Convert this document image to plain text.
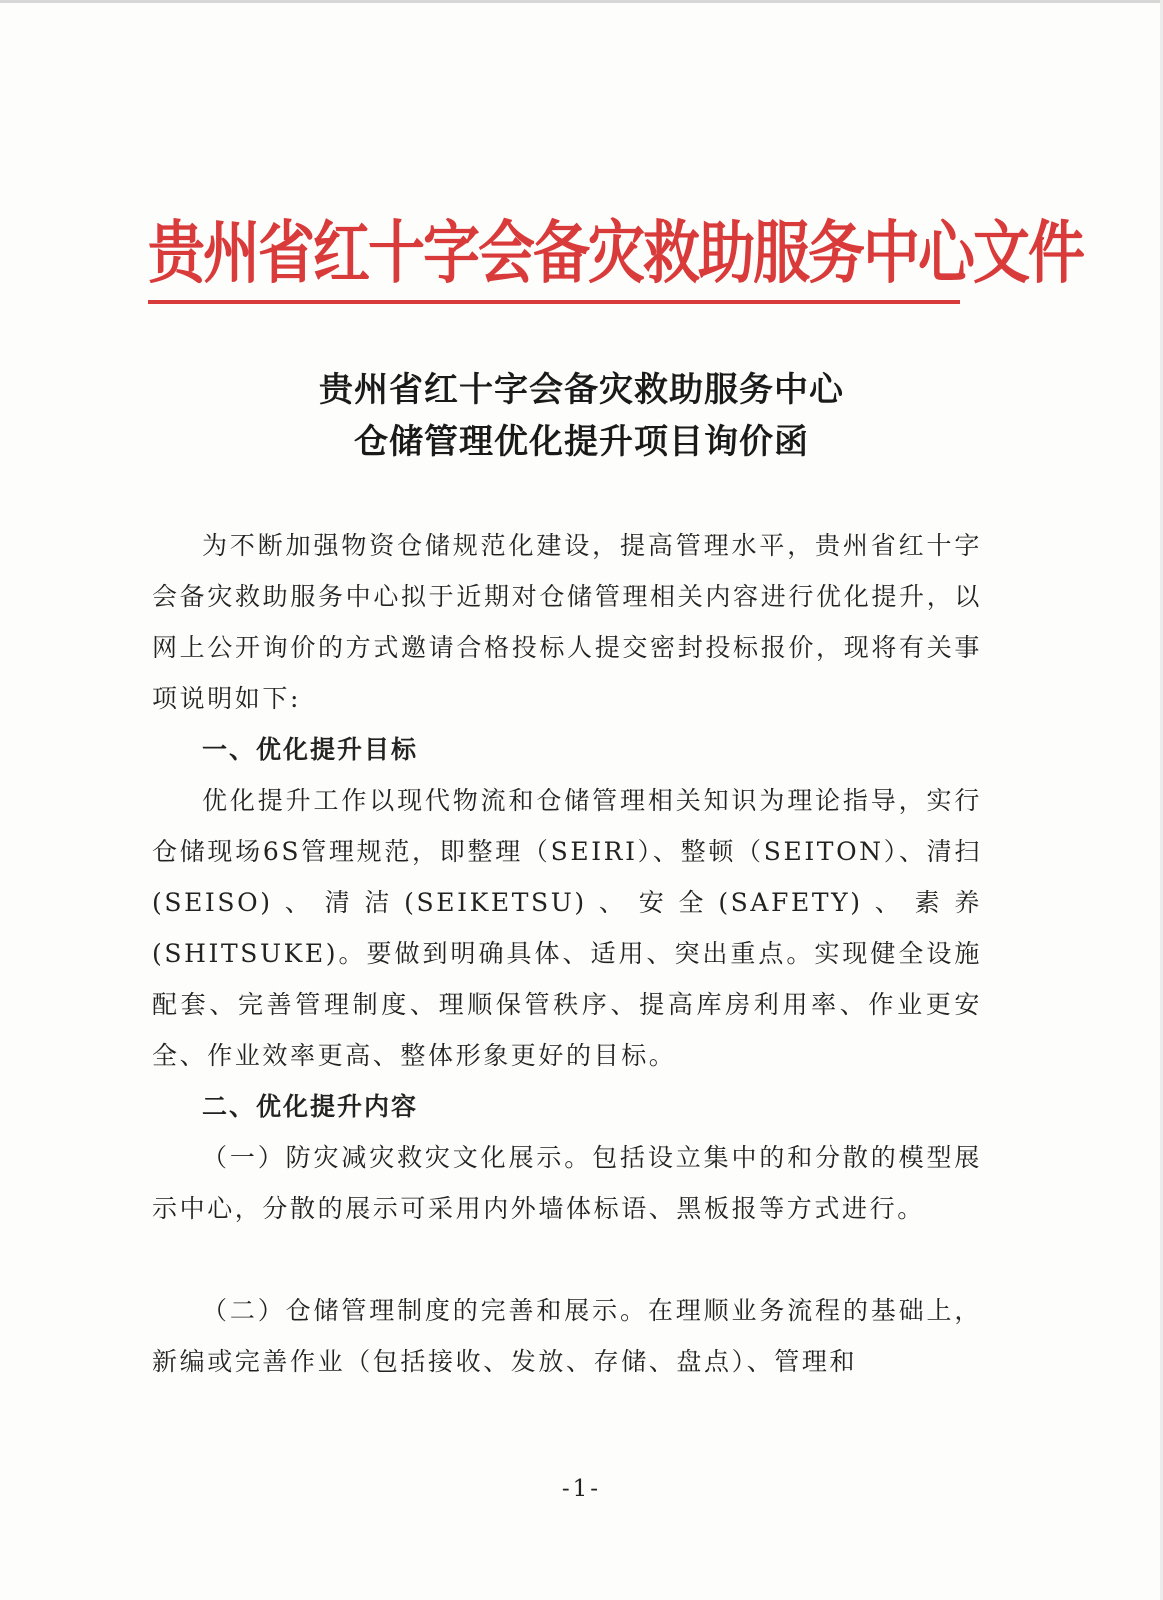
贵州省红十字会备灾救助服务中心文件
贵州省红十字会备灾救助服务中心
仓储管理优化提升项目询价函

为不断加强物资仓储规范化建设，提高管理水平，贵州省红十字会备灾救助服务中心拟于近期对仓储管理相关内容进行优化提升，以网上公开询价的方式邀请合格投标人提交密封投标报价，现将有关事项说明如下:

一、优化提升目标

优化提升工作以现代物流和仓储管理相关知识为理论指导，实行仓储现场6S管理规范，即整理（SEIRI）、整顿（SEITON）、清扫(SEISO)、清洁(SEIKETSU)、安全(SAFETY)、素养(SHITSUKE)。要做到明确具体、适用、突出重点。实现健全设施配套、完善管理制度、理顺保管秩序、提高库房利用率、作业更安全、作业效率更高、整体形象更好的目标。

二、优化提升内容

（一）防灾减灾救灾文化展示。包括设立集中的和分散的模型展示中心，分散的展示可采用内外墙体标语、黑板报等方式进行。

（二）仓储管理制度的完善和展示。在理顺业务流程的基础上，新编或完善作业（包括接收、发放、存储、盘点）、管理和

-1-
